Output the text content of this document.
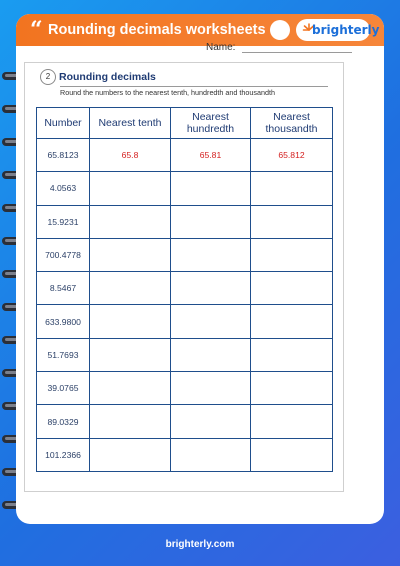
“ Rounding decimals worksheets	brighterly
Name:
2 Rounding decimals
Round the numbers to the nearest tenth, hundredth and thousandth
Number	Nearest tenth	Nearest hundredth	Nearest thousandth
65.8123	65.8	65.81	65.812
4.0563			
15.9231			
700.4778			
8.5467			
633.9800			
51.7693			
39.0765			
89.0329			
101.2366			
brighterly.com
